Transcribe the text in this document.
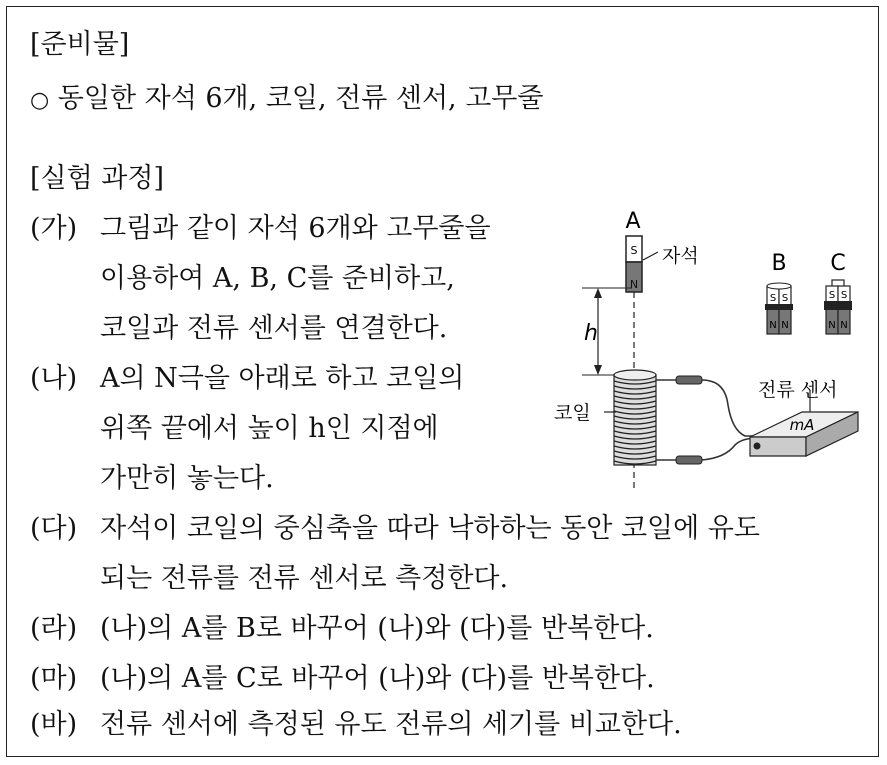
[준비물]
○ 동일한 자석 6개, 코일, 전류 센서, 고무줄
[실험 과정]
(가) 그림과 같이 자석 6개와 고무줄을
이용하여 A, B, C를 준비하고,
코일과 전류 센서를 연결한다.
(나) A의 N극을 아래로 하고 코일의
위쪽 끝에서 높이 h인 지점에
가만히 놓는다.
(다) 자석이 코일의 중심축을 따라 낙하하는 동안 코일에 유도
되는 전류를 전류 센서로 측정한다.
(라) (나)의 A를 B로 바꾸어 (나)와 (다)를 반복한다.
(마) (나)의 A를 C로 바꾸어 (나)와 (다)를 반복한다.
(바) 전류 센서에 측정된 유도 전류의 세기를 비교한다.
A
S
N
자석
h
코일
mA
전류 센서
B C
S S
N N
S S
N N
